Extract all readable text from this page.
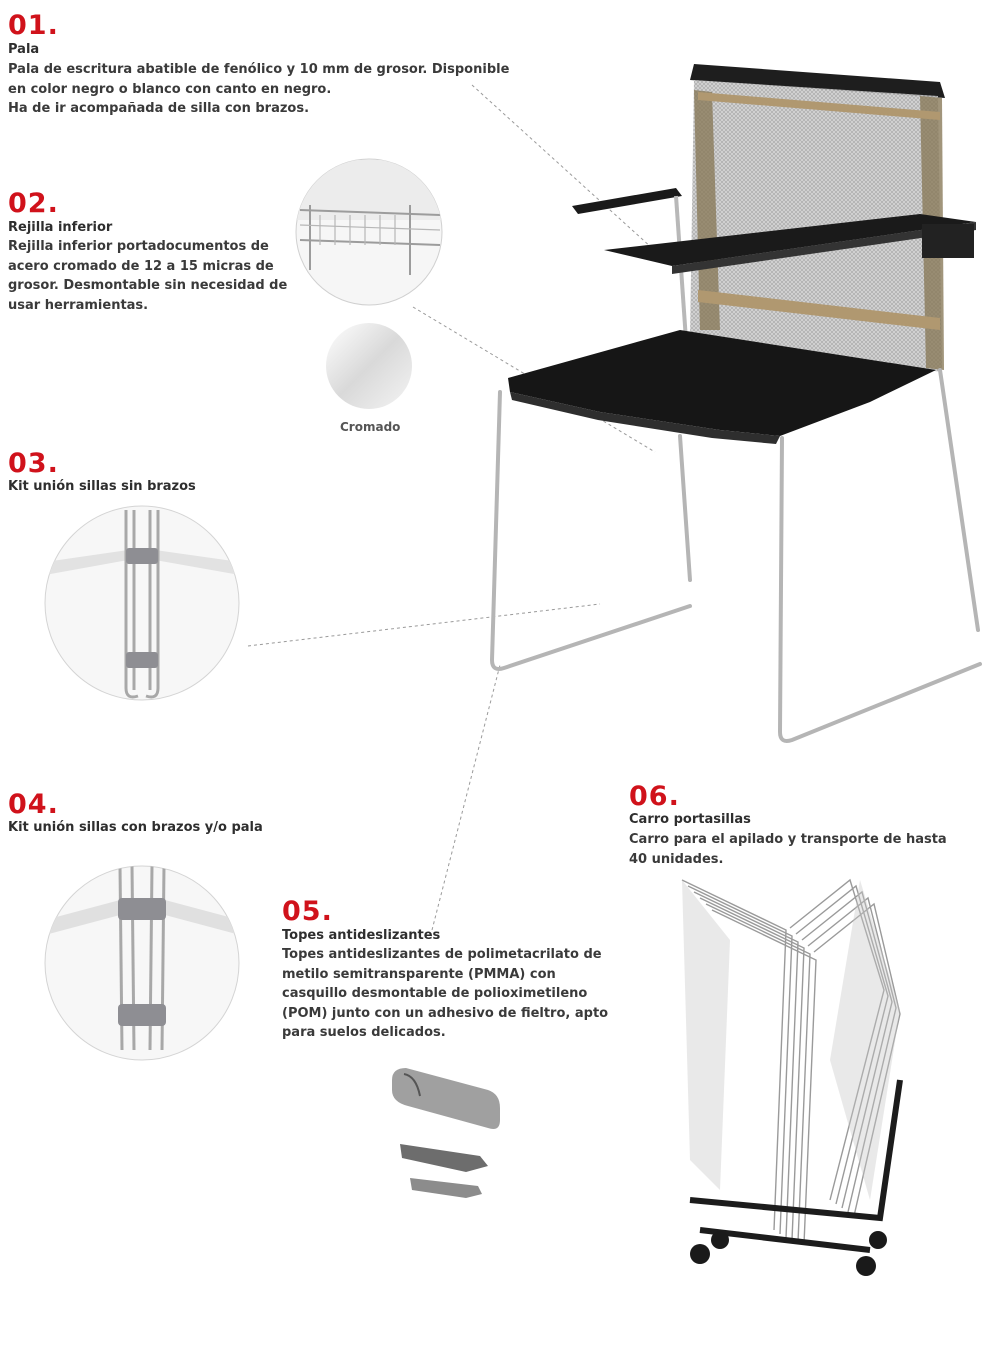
01.
Pala
Pala de escritura abatible de fenólico y 10 mm de grosor. Disponible
en color negro o blanco con canto en negro.
Ha de ir acompañada de silla con brazos.
02.
Rejilla inferior
Rejilla inferior portadocumentos de
acero cromado de 12 a 15 micras de
grosor. Desmontable sin necesidad de
usar herramientas.
Cromado
03.
Kit unión sillas sin brazos
04.
Kit unión sillas con brazos y/o pala
05.
Topes antideslizantes
Topes antideslizantes de polimetacrilato de
metilo semitransparente (PMMA) con
casquillo desmontable de polioximetileno
(POM) junto con un adhesivo de fieltro, apto
para suelos delicados.
06.
Carro portasillas
Carro para el apilado y transporte de hasta
40 unidades.
